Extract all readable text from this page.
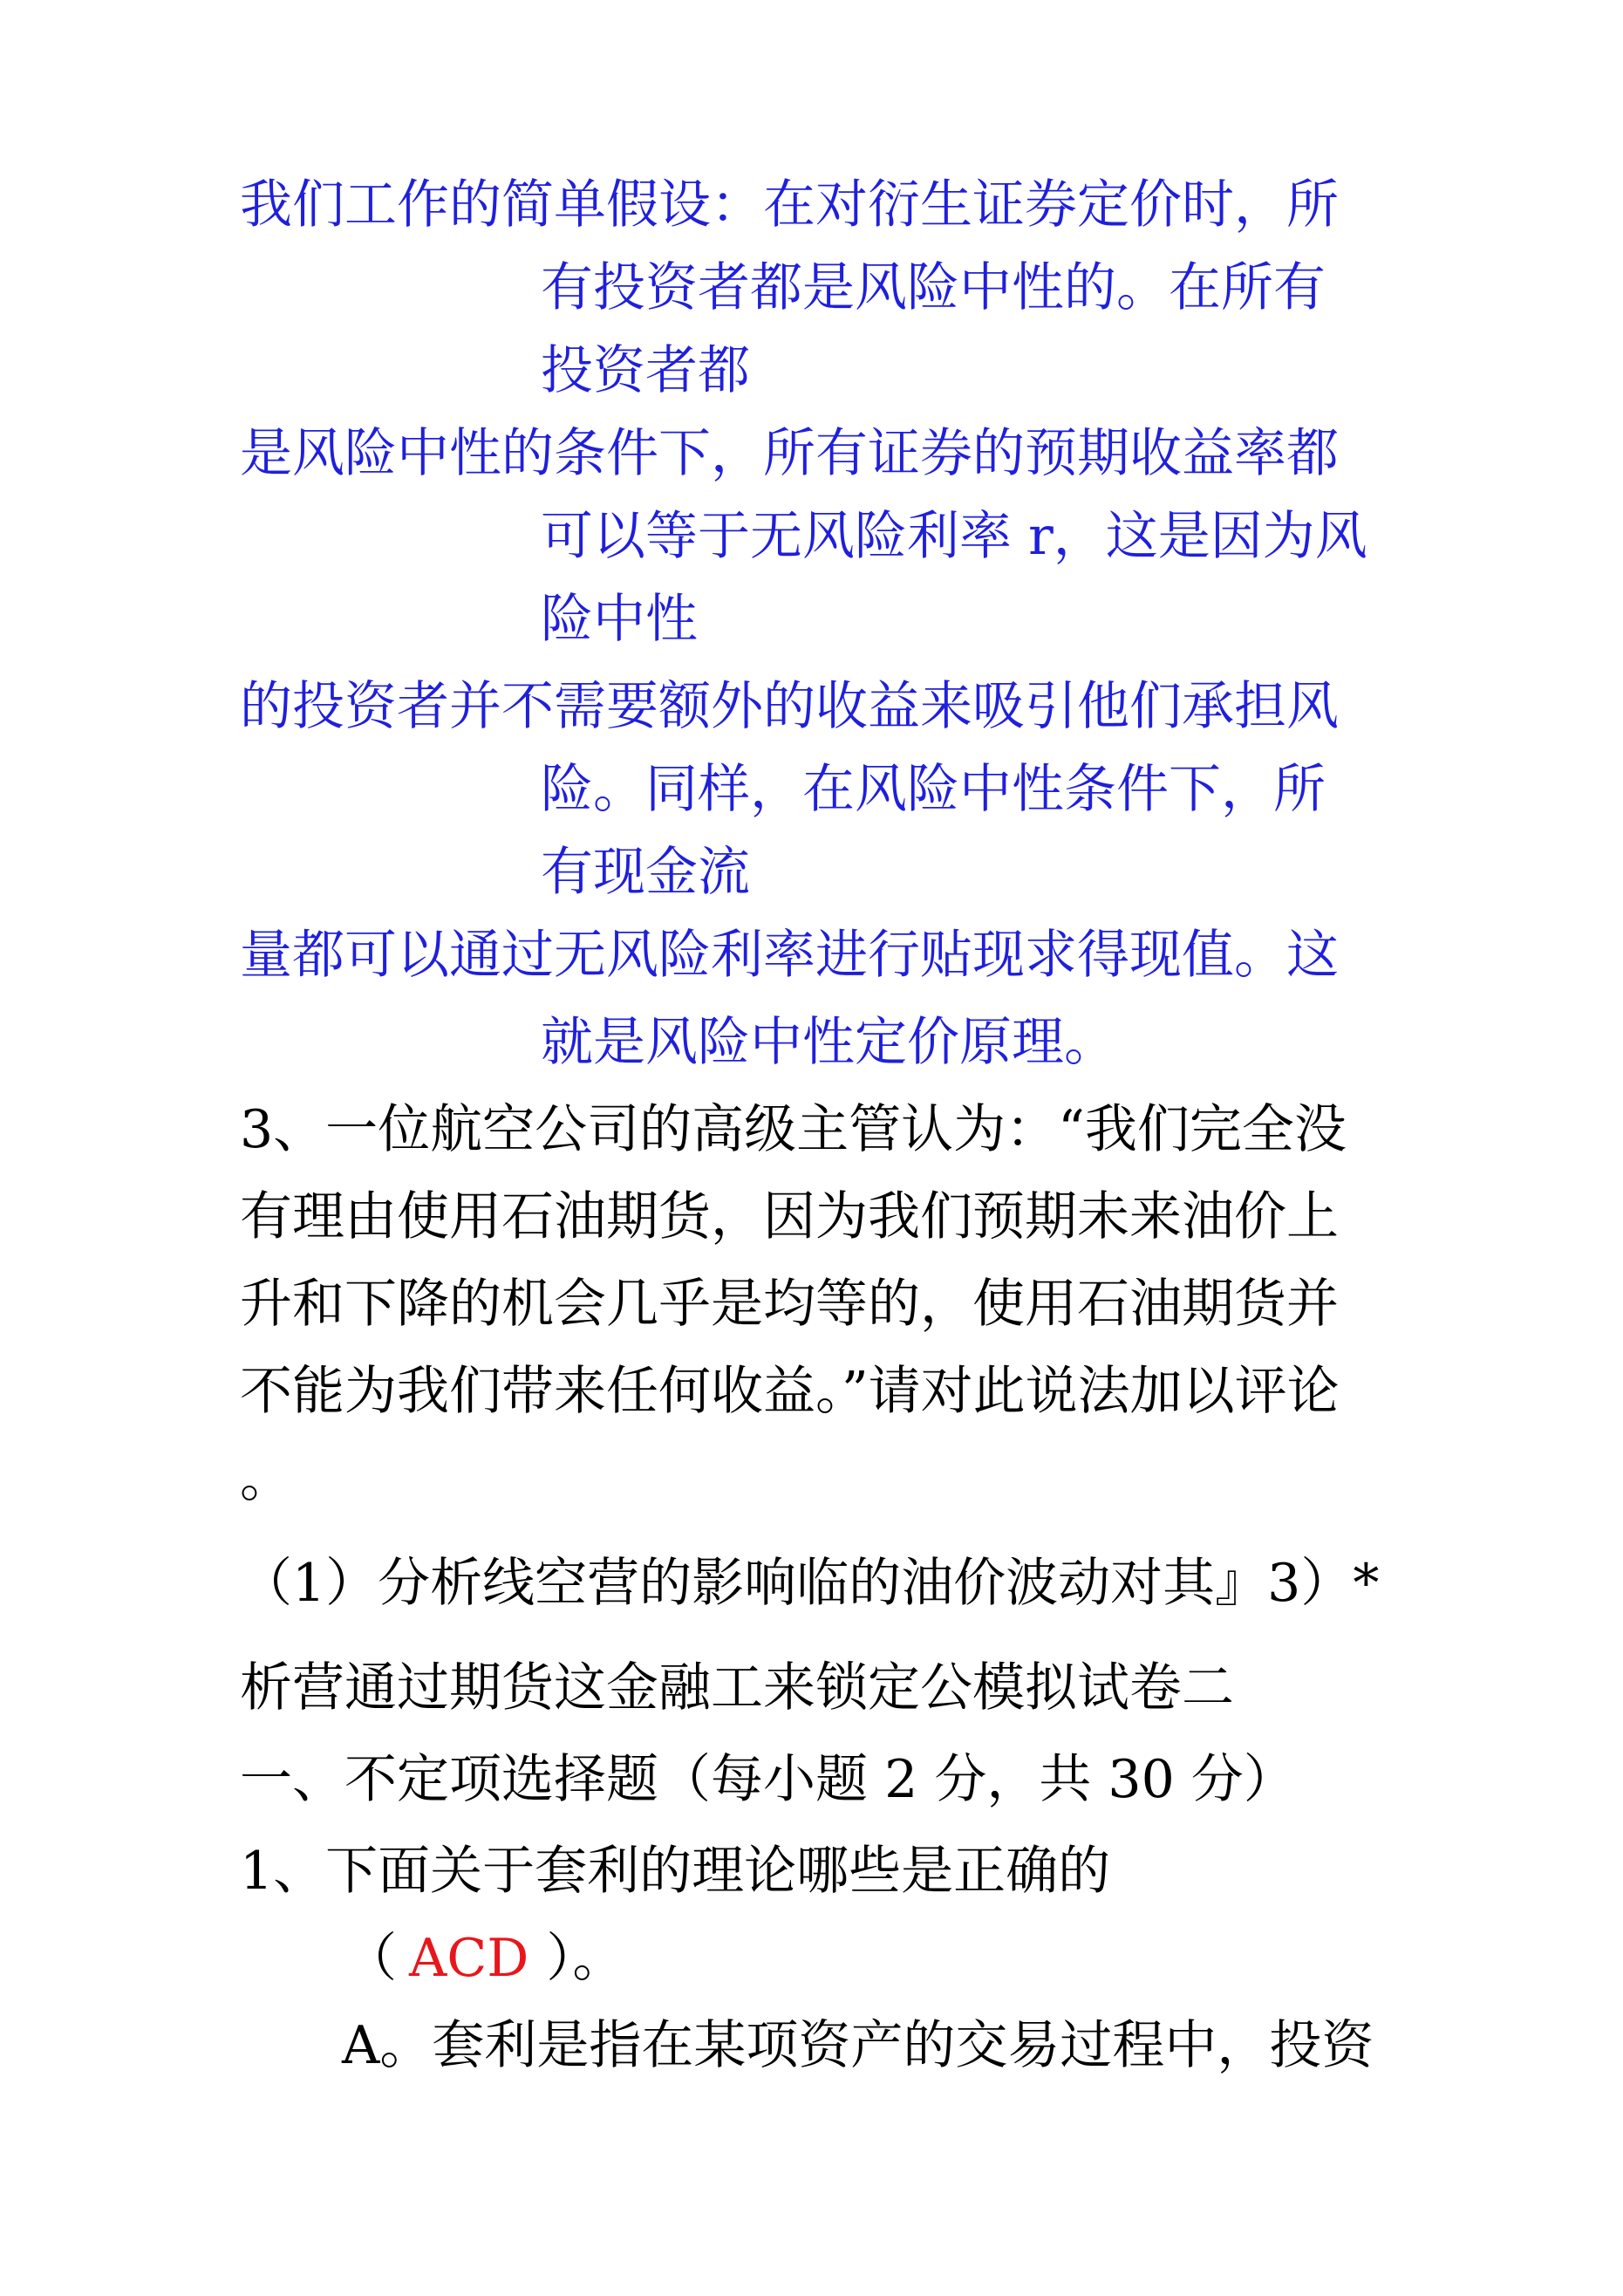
我们工作的简单假设：在对衍生证券定价时，所
有投资者都是风险中性的。在所有
投资者都
是风险中性的条件下，所有证券的预期收益率都
可以等于无风险利率 r，这是因为风
险中性
的投资者并不需要额外的收益来吸引他们承担风
险。同样，在风险中性条件下，所
有现金流
量都可以通过无风险利率进行贴现求得现值。这
就是风险中性定价原理。
3、一位航空公司的高级主管认为：“我们完全没
有理由使用石油期货，因为我们预期未来油价上
升和下降的机会几乎是均等的，使用石油期货并
不能为我们带来任何收益。”请对此说法加以评论
。
（1）分析线空营的影响临的油价波动对其』3）*
析营通过期货这金融工来锁定公模拟试卷二
一、不定项选择题（每小题 2 分，共 30 分）
1、下面关于套利的理论哪些是正确的
（ ACD ）。
A。套利是指在某项资产的交易过程中，投资
